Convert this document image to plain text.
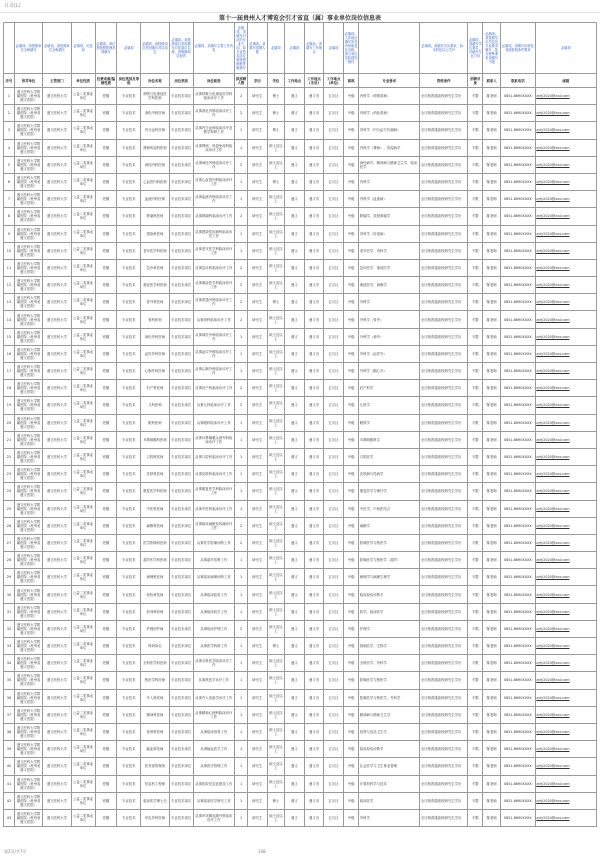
目录(L)
第十一届贵州人才博览会引才省直（属）事业单位岗位信息表
	必填项。须按照单位全称填写	必填项。须按照单位全称填写	必填项，可选项	必填项。单位需按照管理类别填写	必填项	必填项。须按照岗位类别填写对应岗位	必填项。须按照岗位类别填写对应岗位名称，须明确岗位职责	必填项。须填写主要工作内容	必填项。须填写对应的专业方向，如专业技术岗位需按照职称等级填写	必填项。须填写招聘人数	必填项	必填项	必填项。须填写工作地点	必填项	必填项。工作地点填写所在市州和县区名称，须与单位实际情况相符		必填项。须填写学历要求，如：本科及以上学历	必填项。须填写学位要求，可填写专业方向	必填项。须按照学历学位及专业要求填写，如无特殊要求须填写不限	必填项。须填写年龄及其他资格条件要求	必填项
序号	招考单位	主管部门	单位性质	经费来源/编制性质	岗位类别及等级	岗位名称	岗位类别	岗位职责	拟招聘人数	学历	学位	工作地点	工作地点(市县)	工作地点(单位)	职称	专业要求	资格条件	招聘对象	联系人	联系电话	邮箱
1	遵义医科大学附属医院（贵州省遵义医院）	遵义医科大学	公益二类事业单位	差额	专业技术	呼吸与危重症医学科医师	专业技术岗位	从事呼吸与危重症医学科临床诊疗工作	2	研究生	博士	遵义	遵义市	汇川区	中级	内科学（呼吸系病）	全日制普通高校研究生学历	不限	陈老师	0851-8690XXXX	zyfy2024@xxx.com
2	遵义医科大学附属医院（贵州省遵义医院）	遵义医科大学	公益二类事业单位	差额	专业技术	消化内科医师	专业技术岗位	从事消化内科临床诊疗工作	2	研究生	博士	遵义	遵义市	汇川区	中级	内科学（消化系病）	全日制普通高校研究生学历	不限	陈老师	0851-8690XXXX	zyfy2024@xxx.com
3	遵义医科大学附属医院（贵州省遵义医院）	遵义医科大学	公益二类事业单位	差额	专业技术	内分泌科医师	专业技术岗位	从事内分泌科临床诊疗及教学科研工作	1	研究生	博士	遵义	遵义市	汇川区	中级	内科学（内分泌与代谢病）	全日制普通高校研究生学历	不限	陈老师	0851-8690XXXX	zyfy2024@xxx.com
4	遵义医科大学附属医院（贵州省遵义医院）	遵义医科大学	公益二类事业单位	差额	专业技术	肾病风湿科医师	专业技术岗位	从事肾病、风湿免疫科临床诊疗工作	1	研究生	硕士及以上	遵义	遵义市	汇川区	中级	内科学（肾病）、风湿病学	全日制普通高校研究生学历	不限	陈老师	0851-8690XXXX	zyfy2024@xxx.com
5	遵义医科大学附属医院（贵州省遵义医院）	遵义医科大学	公益二类事业单位	差额	专业技术	神经内科医师	专业技术岗位	从事神经内科临床诊疗工作	2	研究生	硕士及以上	遵义	遵义市	汇川区	中级	神经病学、精神病与精神卫生学、临床医学	全日制普通高校研究生学历	不限	陈老师	0851-8690XXXX	zyfy2024@xxx.com
6	遵义医科大学附属医院（贵州省遵义医院）	遵义医科大学	公益二类事业单位	差额	专业技术	心血管内科医师	专业技术岗位	从事心血管内科临床诊疗工作	1	研究生	博士	遵义	遵义市	汇川区	中级	内科学	全日制普通高校研究生学历	不限	陈老师	0851-8690XXXX	zyfy2024@xxx.com
7	遵义医科大学附属医院（贵州省遵义医院）	遵义医科大学	公益二类事业单位	差额	专业技术	血液内科医师	专业技术岗位	从事血液内科临床诊疗工作	1	研究生	硕士及以上	遵义	遵义市	汇川区	中级	内科学（血液病）	全日制普通高校研究生学历	不限	陈老师	0851-8690XXXX	zyfy2024@xxx.com
8	遵义医科大学附属医院（贵州省遵义医院）	遵义医科大学	公益二类事业单位	差额	专业技术	肿瘤科医师	专业技术岗位	从事肿瘤科临床诊疗工作	2	研究生	硕士及以上	遵义	遵义市	汇川区	中级	肿瘤学、放射肿瘤学	全日制普通高校研究生学历	不限	陈老师	0851-8690XXXX	zyfy2024@xxx.com
9	遵义医科大学附属医院（贵州省遵义医院）	遵义医科大学	公益二类事业单位	差额	专业技术	感染科医师	专业技术岗位	从事感染性疾病科临床诊疗工作	1	研究生	硕士及以上	遵义	遵义市	汇川区	中级	内科学（传染病）	全日制普通高校研究生学历	不限	陈老师	0851-8690XXXX	zyfy2024@xxx.com
10	遵义医科大学附属医院（贵州省遵义医院）	遵义医科大学	公益二类事业单位	差额	专业技术	老年医学科医师	专业技术岗位	从事老年医学科临床诊疗工作	1	研究生	硕士及以上	遵义	遵义市	汇川区	中级	老年医学、内科学	全日制普通高校研究生学历	不限	陈老师	0851-8690XXXX	zyfy2024@xxx.com
11	遵义医科大学附属医院（贵州省遵义医院）	遵义医科大学	公益二类事业单位	差额	专业技术	急诊科医师	专业技术岗位	从事急诊科临床诊疗工作	2	研究生	硕士及以上	遵义	遵义市	汇川区	中级	急诊医学、重症医学	全日制普通高校研究生学历	不限	陈老师	0851-8690XXXX	zyfy2024@xxx.com
12	遵义医科大学附属医院（贵州省遵义医院）	遵义医科大学	公益二类事业单位	差额	专业技术	重症医学科医师	专业技术岗位	从事重症医学科临床诊疗工作	2	研究生	硕士及以上	遵义	遵义市	汇川区	中级	重症医学、麻醉学	全日制普通高校研究生学历	不限	陈老师	0851-8690XXXX	zyfy2024@xxx.com
13	遵义医科大学附属医院（贵州省遵义医院）	遵义医科大学	公益二类事业单位	差额	专业技术	普外科医师	专业技术岗位	从事普通外科临床诊疗工作	2	研究生	博士	遵义	遵义市	汇川区	中级	外科学	全日制普通高校研究生学历	不限	陈老师	0851-8690XXXX	zyfy2024@xxx.com
14	遵义医科大学附属医院（贵州省遵义医院）	遵义医科大学	公益二类事业单位	差额	专业技术	骨科医师	专业技术岗位	从事骨科临床诊疗工作	2	研究生	硕士及以上	遵义	遵义市	汇川区	中级	外科学（骨外）	全日制普通高校研究生学历	不限	陈老师	0851-8690XXXX	zyfy2024@xxx.com
15	遵义医科大学附属医院（贵州省遵义医院）	遵义医科大学	公益二类事业单位	差额	专业技术	神经外科医师	专业技术岗位	从事神经外科临床诊疗工作	1	研究生	硕士及以上	遵义	遵义市	汇川区	中级	外科学（神外）	全日制普通高校研究生学历	不限	陈老师	0851-8690XXXX	zyfy2024@xxx.com
16	遵义医科大学附属医院（贵州省遵义医院）	遵义医科大学	公益二类事业单位	差额	专业技术	泌尿外科医师	专业技术岗位	从事泌尿外科临床诊疗工作	1	研究生	硕士及以上	遵义	遵义市	汇川区	中级	外科学（泌尿外）	全日制普通高校研究生学历	不限	陈老师	0851-8690XXXX	zyfy2024@xxx.com
17	遵义医科大学附属医院（贵州省遵义医院）	遵义医科大学	公益二类事业单位	差额	专业技术	心胸外科医师	专业技术岗位	从事心胸外科临床诊疗工作	1	研究生	硕士及以上	遵义	遵义市	汇川区	中级	外科学（胸心外）	全日制普通高校研究生学历	不限	陈老师	0851-8690XXXX	zyfy2024@xxx.com
18	遵义医科大学附属医院（贵州省遵义医院）	遵义医科大学	公益二类事业单位	差额	专业技术	妇产科医师	专业技术岗位	从事妇产科临床诊疗工作	2	研究生	硕士及以上	遵义	遵义市	汇川区	中级	妇产科学	全日制普通高校研究生学历	不限	陈老师	0851-8690XXXX	zyfy2024@xxx.com
19	遵义医科大学附属医院（贵州省遵义医院）	遵义医科大学	公益二类事业单位	差额	专业技术	儿科医师	专业技术岗位	从事儿科临床诊疗工作	2	研究生	硕士及以上	遵义	遵义市	汇川区	中级	儿科学	全日制普通高校研究生学历	不限	陈老师	0851-8690XXXX	zyfy2024@xxx.com
20	遵义医科大学附属医院（贵州省遵义医院）	遵义医科大学	公益二类事业单位	差额	专业技术	眼科医师	专业技术岗位	从事眼科临床诊疗工作	1	研究生	硕士及以上	遵义	遵义市	汇川区	中级	眼科学	全日制普通高校研究生学历	不限	陈老师	0851-8690XXXX	zyfy2024@xxx.com
21	遵义医科大学附属医院（贵州省遵义医院）	遵义医科大学	公益二类事业单位	差额	专业技术	耳鼻咽喉科医师	专业技术岗位	从事耳鼻咽喉头颈外科临床诊疗工作	1	研究生	硕士及以上	遵义	遵义市	汇川区	中级	耳鼻咽喉科学	全日制普通高校研究生学历	不限	陈老师	0851-8690XXXX	zyfy2024@xxx.com
22	遵义医科大学附属医院（贵州省遵义医院）	遵义医科大学	公益二类事业单位	差额	专业技术	口腔科医师	专业技术岗位	从事口腔科临床诊疗工作	1	研究生	硕士及以上	遵义	遵义市	汇川区	中级	口腔医学	全日制普通高校研究生学历	不限	陈老师	0851-8690XXXX	zyfy2024@xxx.com
23	遵义医科大学附属医院（贵州省遵义医院）	遵义医科大学	公益二类事业单位	差额	专业技术	皮肤科医师	专业技术岗位	从事皮肤科临床诊疗工作	1	研究生	硕士及以上	遵义	遵义市	汇川区	中级	皮肤病与性病学	全日制普通高校研究生学历	不限	陈老师	0851-8690XXXX	zyfy2024@xxx.com
24	遵义医科大学附属医院（贵州省遵义医院）	遵义医科大学	公益二类事业单位	差额	专业技术	康复医学科医师	专业技术岗位	从事康复医学科临床诊疗工作	1	研究生	硕士及以上	遵义	遵义市	汇川区	中级	康复医学与理疗学	全日制普通高校研究生学历	不限	陈老师	0851-8690XXXX	zyfy2024@xxx.com
25	遵义医科大学附属医院（贵州省遵义医院）	遵义医科大学	公益二类事业单位	差额	专业技术	中医科医师	专业技术岗位	从事中医科临床诊疗工作	1	研究生	硕士及以上	遵义	遵义市	汇川区	中级	中医学、中西医结合	全日制普通高校研究生学历	不限	陈老师	0851-8690XXXX	zyfy2024@xxx.com
26	遵义医科大学附属医院（贵州省遵义医院）	遵义医科大学	公益二类事业单位	差额	专业技术	麻醉科医师	专业技术岗位	从事临床麻醉及疼痛诊疗工作	2	研究生	硕士及以上	遵义	遵义市	汇川区	中级	麻醉学	全日制普通高校研究生学历	不限	陈老师	0851-8690XXXX	zyfy2024@xxx.com
27	遵义医科大学附属医院（贵州省遵义医院）	遵义医科大学	公益二类事业单位	差额	专业技术	医学影像科医师	专业技术岗位	从事医学影像诊断工作	2	研究生	硕士及以上	遵义	遵义市	汇川区	中级	影像医学与核医学	全日制普通高校研究生学历	不限	陈老师	0851-8690XXXX	zyfy2024@xxx.com
28	遵义医科大学附属医院（贵州省遵义医院）	遵义医科大学	公益二类事业单位	差额	专业技术	超声医学科医师	专业技术岗位	从事超声诊断工作	1	研究生	硕士及以上	遵义	遵义市	汇川区	中级	影像医学与核医学（超声）	全日制普通高校研究生学历	不限	陈老师	0851-8690XXXX	zyfy2024@xxx.com
29	遵义医科大学附属医院（贵州省遵义医院）	遵义医科大学	公益二类事业单位	差额	专业技术	病理科医师	专业技术岗位	从事临床病理诊断工作	1	研究生	硕士及以上	遵义	遵义市	汇川区	中级	病理学与病理生理学	全日制普通高校研究生学历	不限	陈老师	0851-8690XXXX	zyfy2024@xxx.com
30	遵义医科大学附属医院（贵州省遵义医院）	遵义医科大学	公益二类事业单位	差额	专业技术	检验科技师	专业技术岗位	从事临床检验工作	1	研究生	硕士及以上	遵义	遵义市	汇川区	中级	临床检验诊断学	全日制普通高校研究生学历	不限	陈老师	0851-8690XXXX	zyfy2024@xxx.com
31	遵义医科大学附属医院（贵州省遵义医院）	遵义医科大学	公益二类事业单位	差额	专业技术	药剂科药师	专业技术岗位	从事临床药学工作	1	研究生	硕士及以上	遵义	遵义市	汇川区	中级	药学、临床药学	全日制普通高校研究生学历	不限	陈老师	0851-8690XXXX	zyfy2024@xxx.com
32	遵义医科大学附属医院（贵州省遵义医院）	遵义医科大学	公益二类事业单位	差额	专业技术	护理部护师	专业技术岗位	从事临床护理工作	2	研究生	硕士及以上	遵义	遵义市	汇川区	中级	护理学	全日制普通高校研究生学历	不限	陈老师	0851-8690XXXX	zyfy2024@xxx.com
33	遵义医科大学附属医院（贵州省遵义医院）	遵义医科大学	公益二类事业单位	差额	专业技术	科研岗位	专业技术岗位	从事医学科研工作	1	研究生	博士	遵义	遵义市	汇川区	中级	基础医学、生物学	全日制普通高校研究生学历	不限	陈老师	0851-8690XXXX	zyfy2024@xxx.com
34	遵义医科大学附属医院（贵州省遵义医院）	遵义医科大学	公益二类事业单位	差额	专业技术	全科医学科医师	专业技术岗位	从事全科医学临床诊疗工作	1	研究生	硕士及以上	遵义	遵义市	汇川区	中级	全科医学、内科学	全日制普通高校研究生学历	不限	陈老师	0851-8690XXXX	zyfy2024@xxx.com
35	遵义医科大学附属医院（贵州省遵义医院）	遵义医科大学	公益二类事业单位	差额	专业技术	核医学科医师	专业技术岗位	从事核医学诊疗工作	1	研究生	硕士及以上	遵义	遵义市	汇川区	中级	影像医学与核医学	全日制普通高校研究生学历	不限	陈老师	0851-8690XXXX	zyfy2024@xxx.com
36	遵义医科大学附属医院（贵州省遵义医院）	遵义医科大学	公益二类事业单位	差额	专业技术	介入科医师	专业技术岗位	从事介入放射学诊疗工作	1	研究生	硕士及以上	遵义	遵义市	汇川区	中级	影像医学与核医学、外科学	全日制普通高校研究生学历	不限	陈老师	0851-8690XXXX	zyfy2024@xxx.com
37	遵义医科大学附属医院（贵州省遵义医院）	遵义医科大学	公益二类事业单位	差额	专业技术	精神科医师	专业技术岗位	从事精神心理科临床诊疗工作	1	研究生	硕士及以上	遵义	遵义市	汇川区	中级	精神病与精神卫生学	全日制普通高校研究生学历	不限	陈老师	0851-8690XXXX	zyfy2024@xxx.com
38	遵义医科大学附属医院（贵州省遵义医院）	遵义医科大学	公益二类事业单位	差额	专业技术	营养科医师	专业技术岗位	从事临床营养工作	1	研究生	硕士及以上	遵义	遵义市	汇川区	中级	营养与食品卫生学	全日制普通高校研究生学历	不限	陈老师	0851-8690XXXX	zyfy2024@xxx.com
39	遵义医科大学附属医院（贵州省遵义医院）	遵义医科大学	公益二类事业单位	差额	专业技术	输血科技师	专业技术岗位	从事输血医学工作	1	研究生	硕士及以上	遵义	遵义市	汇川区	中级	临床检验诊断学	全日制普通高校研究生学历	不限	陈老师	0851-8690XXXX	zyfy2024@xxx.com
40	遵义医科大学附属医院（贵州省遵义医院）	遵义医科大学	公益二类事业单位	差额	专业技术	医务部管理岗	专业技术岗位	从事医疗管理工作	1	研究生	硕士及以上	遵义	遵义市	汇川区	中级	社会医学与卫生事业管理	全日制普通高校研究生学历	不限	陈老师	0851-8690XXXX	zyfy2024@xxx.com
41	遵义医科大学附属医院（贵州省遵义医院）	遵义医科大学	公益二类事业单位	差额	专业技术	信息科工程师	专业技术岗位	从事医院信息化建设工作	1	研究生	硕士及以上	遵义	遵义市	汇川区	中级	计算机科学与技术	全日制普通高校研究生学历	不限	陈老师	0851-8690XXXX	zyfy2024@xxx.com
42	遵义医科大学附属医院（贵州省遵义医院）	遵义医科大学	公益二类事业单位	差额	专业技术	临床医学博士后	专业技术岗位	从事临床医学研究工作	1	研究生	博士	遵义	遵义市	汇川区	中级	临床医学	全日制普通高校研究生学历	不限	陈老师	0851-8690XXXX	zyfy2024@xxx.com
43	遵义医科大学附属医院（贵州省遵义医院）	遵义医科大学	公益二类事业单位	差额	专业技术	甲乳外科医师	专业技术岗位	从事甲状腺乳腺外科临床诊疗工作	1	研究生	硕士及以上	遵义	遵义市	汇川区	中级	外科学	全日制普通高校研究生学历	不限	陈老师	0851-8690XXXX	zyfy2024@xxx.com
第2页/共7页	148
